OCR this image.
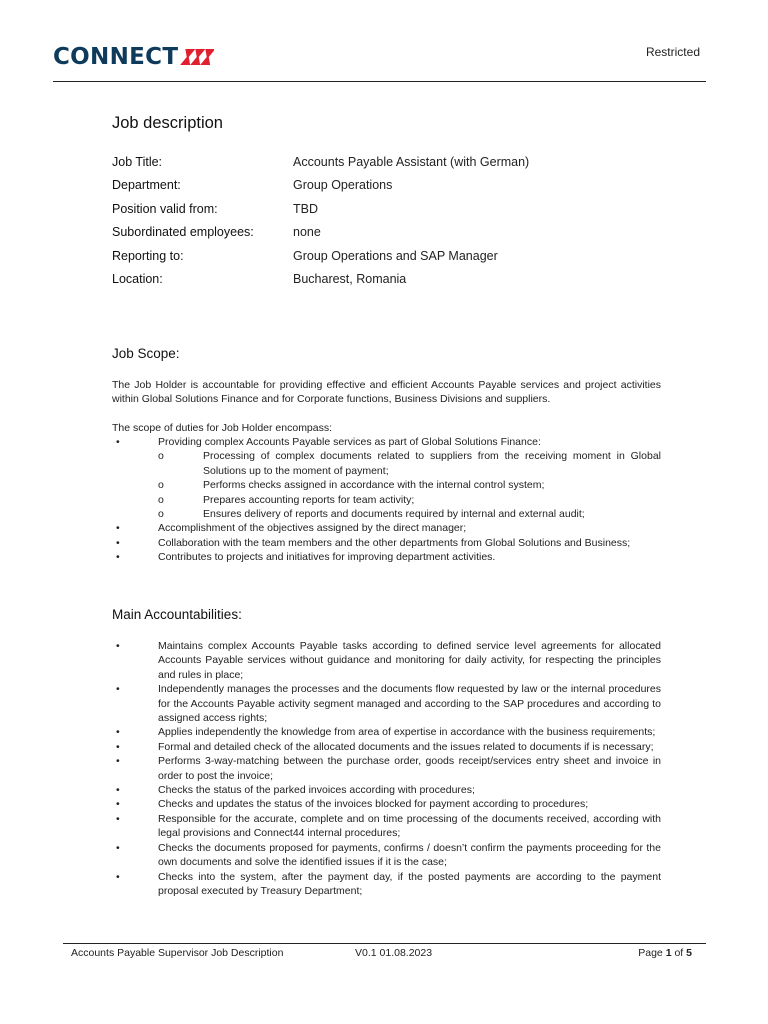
CONNECT	Restricted
Job description
Job Title:	Accounts Payable Assistant (with German)
Department:	Group Operations
Position valid from:	TBD
Subordinated employees:	none
Reporting to:	Group Operations and SAP Manager
Location:	Bucharest, Romania
Job Scope:

The Job Holder is accountable for providing effective and efficient Accounts Payable services and project activities within Global Solutions Finance and for Corporate functions, Business Divisions and suppliers.

The scope of duties for Job Holder encompass:

•	Providing complex Accounts Payable services as part of Global Solutions Finance:
o	Processing of complex documents related to suppliers from the receiving moment in Global Solutions up to the moment of payment;
o	Performs checks assigned in accordance with the internal control system;
o	Prepares accounting reports for team activity;
o	Ensures delivery of reports and documents required by internal and external audit;
•	Accomplishment of the objectives assigned by the direct manager;
•	Collaboration with the team members and the other departments from Global Solutions and Business;
•	Contributes to projects and initiatives for improving department activities.
Main Accountabilities:
•	Maintains complex Accounts Payable tasks according to defined service level agreements for allocated Accounts Payable services without guidance and monitoring for daily activity, for respecting the principles and rules in place;
•	Independently manages the processes and the documents flow requested by law or the internal procedures for the Accounts Payable activity segment managed and according to the SAP procedures and according to assigned access rights;
•	Applies independently the knowledge from area of expertise in accordance with the business requirements;
•	Formal and detailed check of the allocated documents and the issues related to documents if is necessary;
•	Performs 3-way-matching between the purchase order, goods receipt/services entry sheet and invoice in order to post the invoice;
•	Checks the status of the parked invoices according with procedures;
•	Checks and updates the status of the invoices blocked for payment according to procedures;
•	Responsible for the accurate, complete and on time processing of the documents received, according with legal provisions and Connect44 internal procedures;
•	Checks the documents proposed for payments, confirms / doesn’t confirm the payments proceeding for the own documents and solve the identified issues if it is the case;
•	Checks into the system, after the payment day, if the posted payments are according to the payment proposal executed by Treasury Department;
Accounts Payable Supervisor Job Description	V0.1 01.08.2023	Page 1 of 5
